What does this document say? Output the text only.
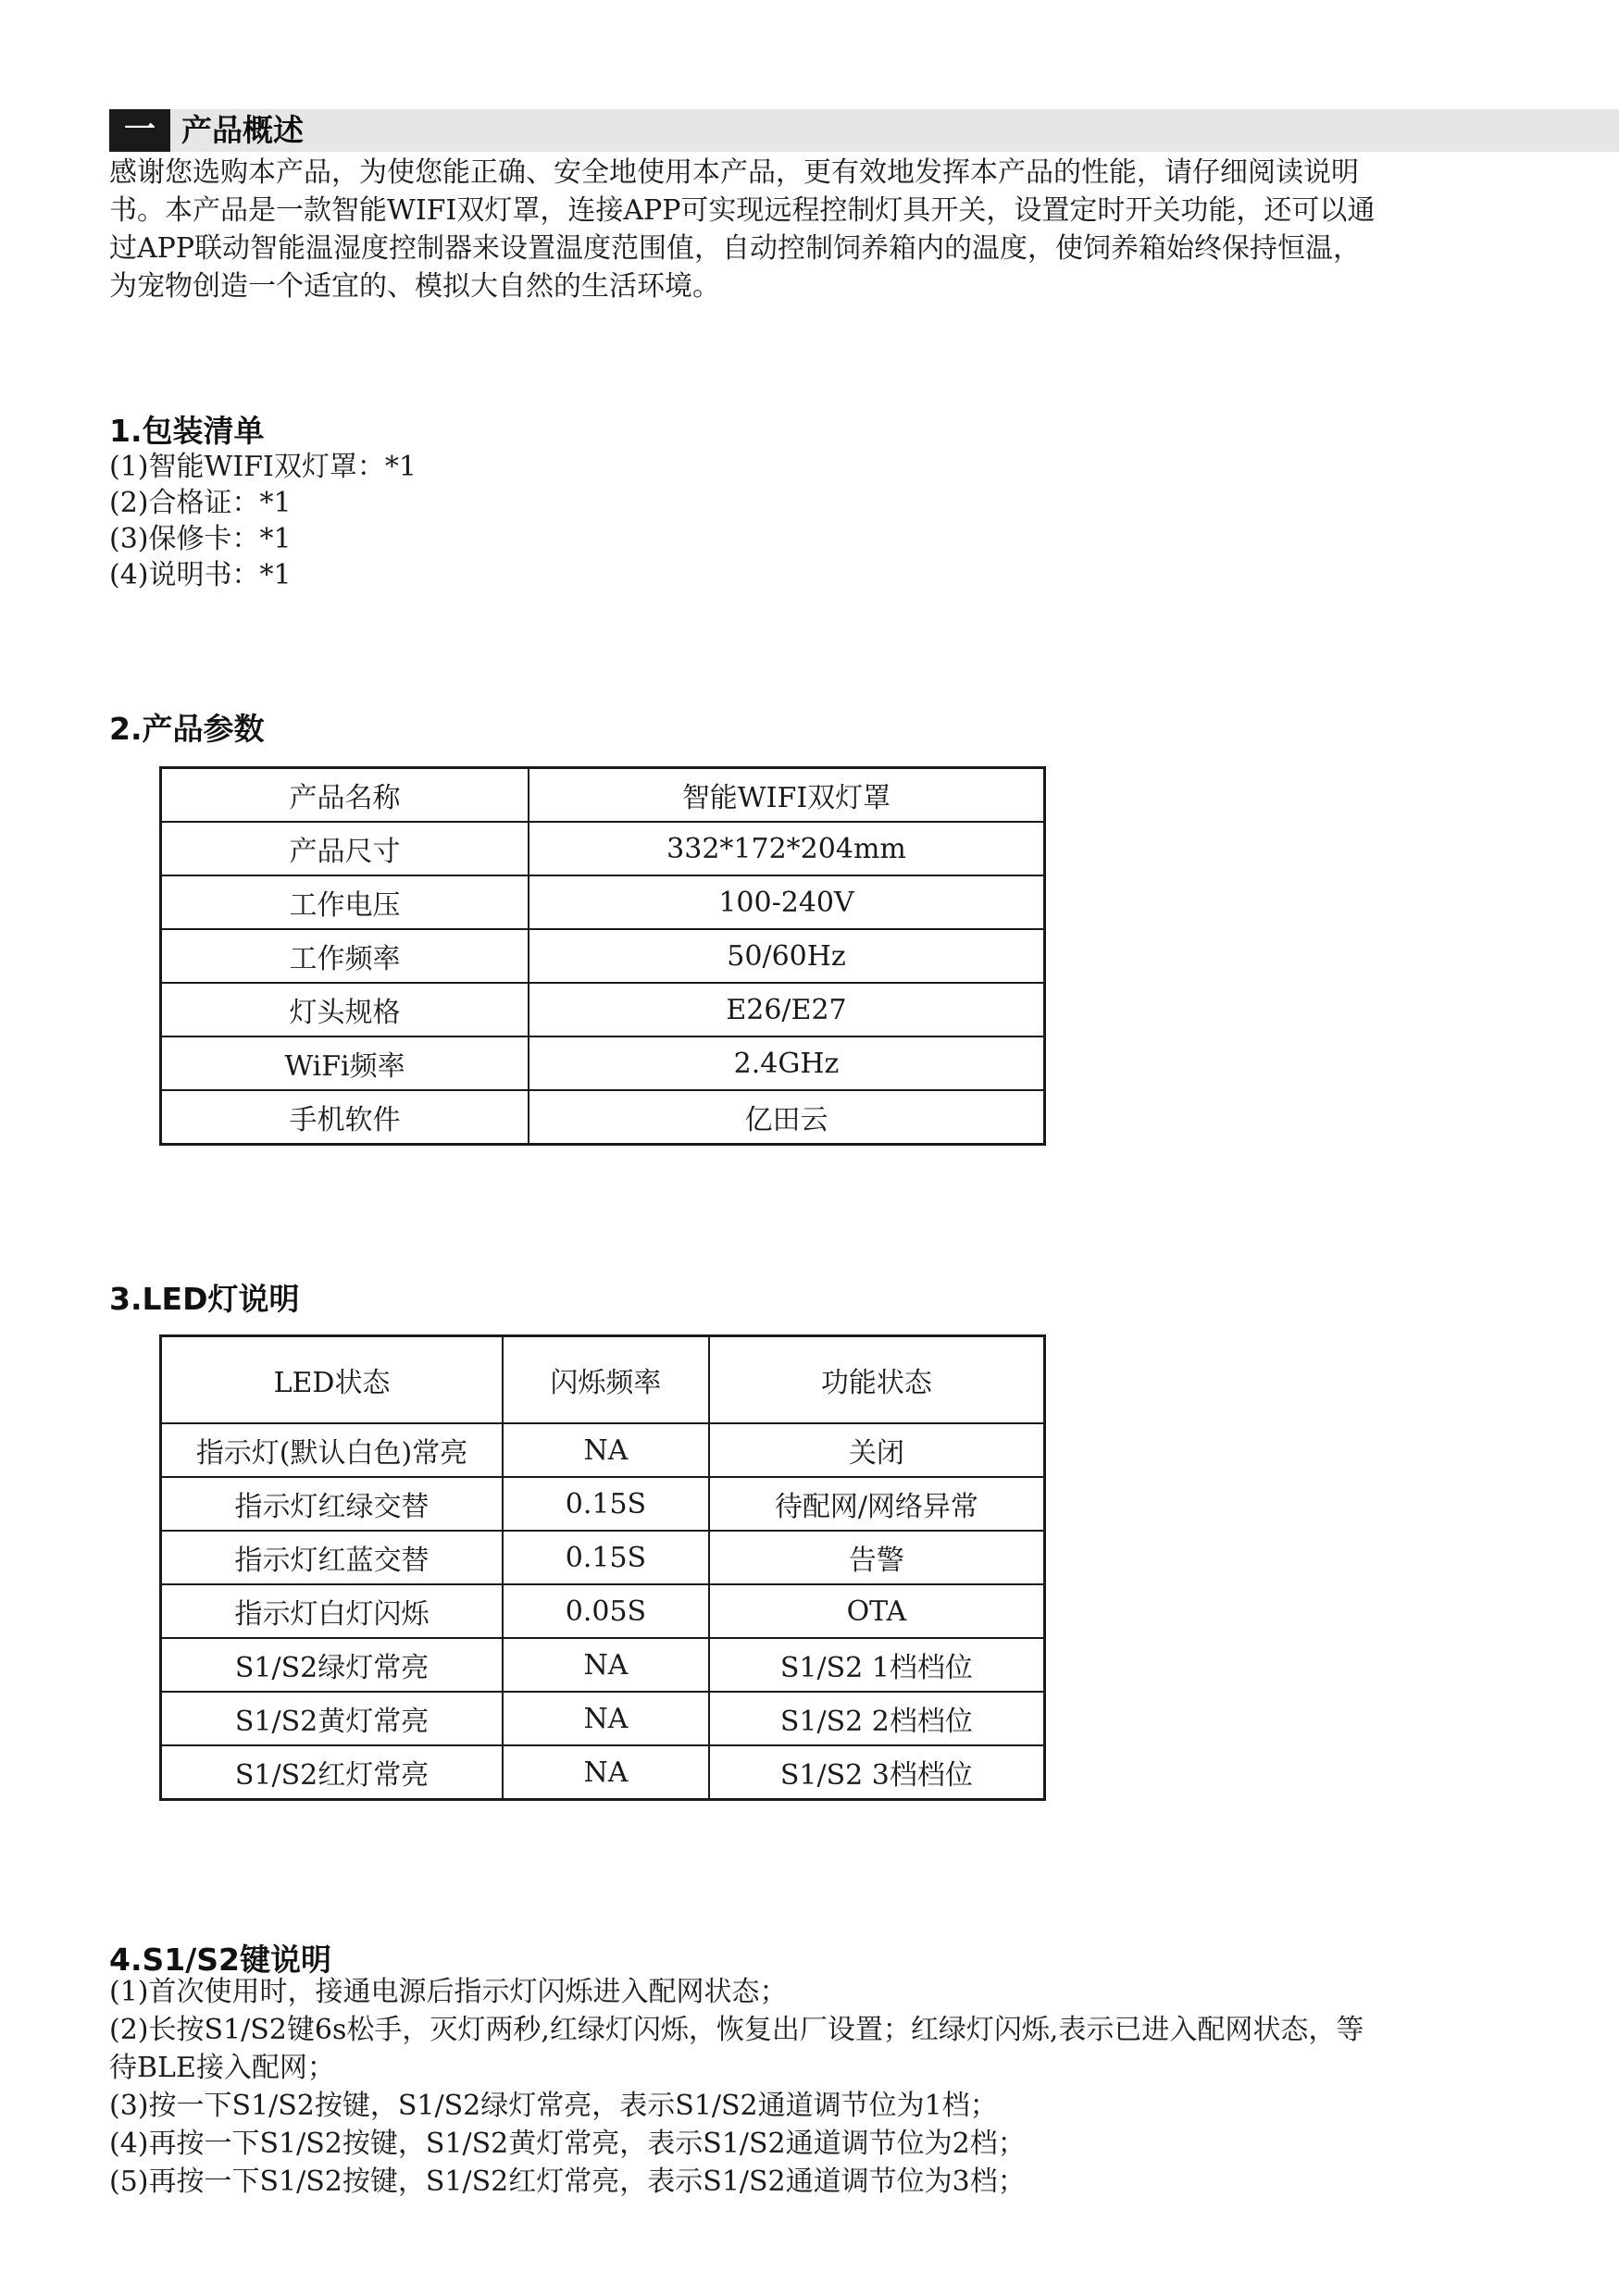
一 产品概述
感谢您选购本产品，为使您能正确、安全地使用本产品，更有效地发挥本产品的性能，请仔细阅读说明
书。本产品是一款智能WIFI双灯罩，连接APP可实现远程控制灯具开关，设置定时开关功能，还可以通
过APP联动智能温湿度控制器来设置温度范围值，自动控制饲养箱内的温度，使饲养箱始终保持恒温，
为宠物创造一个适宜的、模拟大自然的生活环境。
1.包装清单
(1)智能WIFI双灯罩：*1
(2)合格证：*1
(3)保修卡：*1
(4)说明书：*1
2.产品参数
产品名称	智能WIFI双灯罩
产品尺寸	332*172*204mm
工作电压	100-240V
工作频率	50/60Hz
灯头规格	E26/E27
WiFi频率	2.4GHz
手机软件	亿田云
3.LED灯说明
LED状态	闪烁频率	功能状态
指示灯(默认白色)常亮	NA	关闭
指示灯红绿交替	0.15S	待配网/网络异常
指示灯红蓝交替	0.15S	告警
指示灯白灯闪烁	0.05S	OTA
S1/S2绿灯常亮	NA	S1/S2 1档档位
S1/S2黄灯常亮	NA	S1/S2 2档档位
S1/S2红灯常亮	NA	S1/S2 3档档位
4.S1/S2键说明
(1)首次使用时，接通电源后指示灯闪烁进入配网状态；
(2)长按S1/S2键6s松手，灭灯两秒,红绿灯闪烁，恢复出厂设置；红绿灯闪烁,表示已进入配网状态，等
待BLE接入配网；
(3)按一下S1/S2按键，S1/S2绿灯常亮，表示S1/S2通道调节位为1档；
(4)再按一下S1/S2按键，S1/S2黄灯常亮，表示S1/S2通道调节位为2档；
(5)再按一下S1/S2按键，S1/S2红灯常亮，表示S1/S2通道调节位为3档；
